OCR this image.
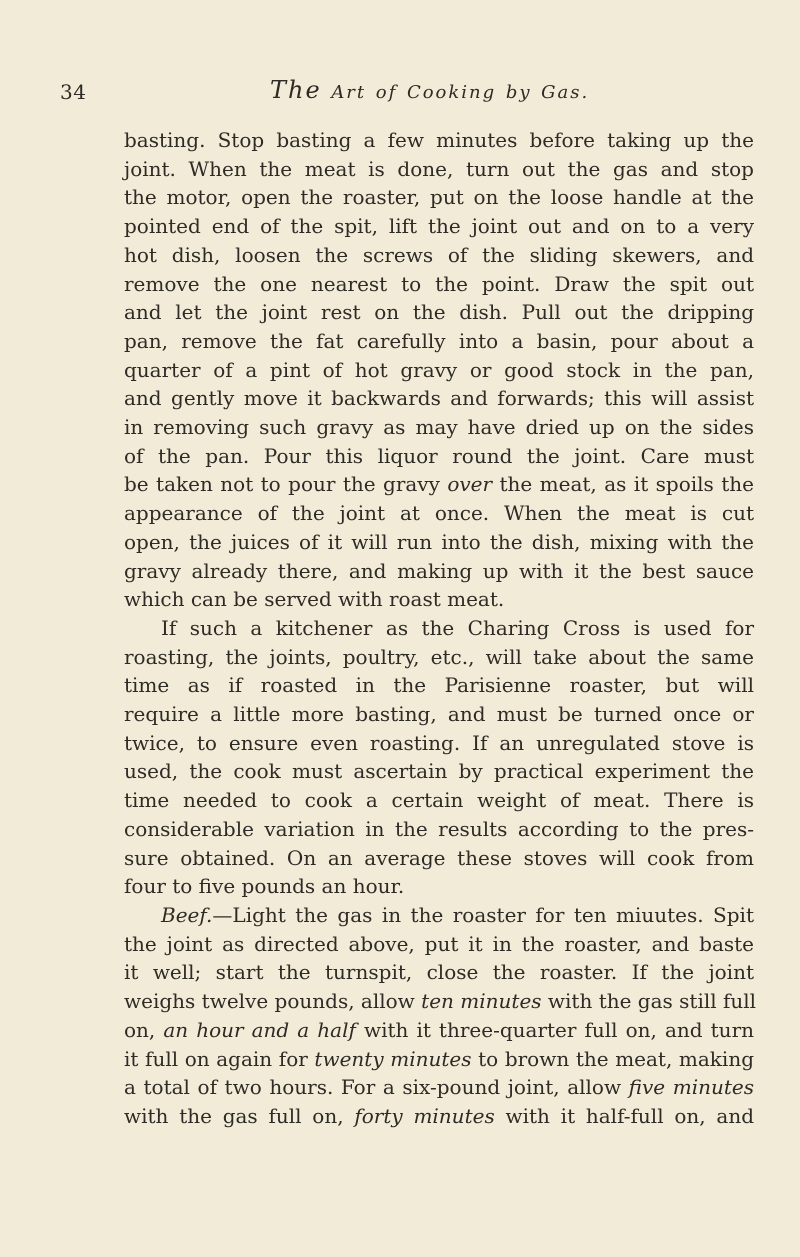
34	The Art of Cooking by Gas.
basting. Stop basting a few minutes before taking up the
joint. When the meat is done, turn out the gas and stop
the motor, open the roaster, put on the loose handle at the
pointed end of the spit, lift the joint out and on to a very
hot dish, loosen the screws of the sliding skewers, and
remove the one nearest to the point. Draw the spit out
and let the joint rest on the dish. Pull out the dripping
pan, remove the fat carefully into a basin, pour about a
quarter of a pint of hot gravy or good stock in the pan,
and gently move it backwards and forwards; this will assist
in removing such gravy as may have dried up on the sides
of the pan. Pour this liquor round the joint. Care must
be taken not to pour the gravy over the meat, as it spoils the
appearance of the joint at once. When the meat is cut
open, the juices of it will run into the dish, mixing with the
gravy already there, and making up with it the best sauce
which can be served with roast meat.
If such a kitchener as the Charing Cross is used for
roasting, the joints, poultry, etc., will take about the same
time as if roasted in the Parisienne roaster, but will
require a little more basting, and must be turned once or
twice, to ensure even roasting. If an unregulated stove is
used, the cook must ascertain by practical experiment the
time needed to cook a certain weight of meat. There is
considerable variation in the results according to the pres-
sure obtained. On an average these stoves will cook from
four to five pounds an hour.
Beef.—Light the gas in the roaster for ten miuutes. Spit
the joint as directed above, put it in the roaster, and baste
it well; start the turnspit, close the roaster. If the joint
weighs twelve pounds, allow ten minutes with the gas still full
on, an hour and a half with it three-quarter full on, and turn
it full on again for twenty minutes to brown the meat, making
a total of two hours. For a six-pound joint, allow five minutes
with the gas full on, forty minutes with it half-full on, and
